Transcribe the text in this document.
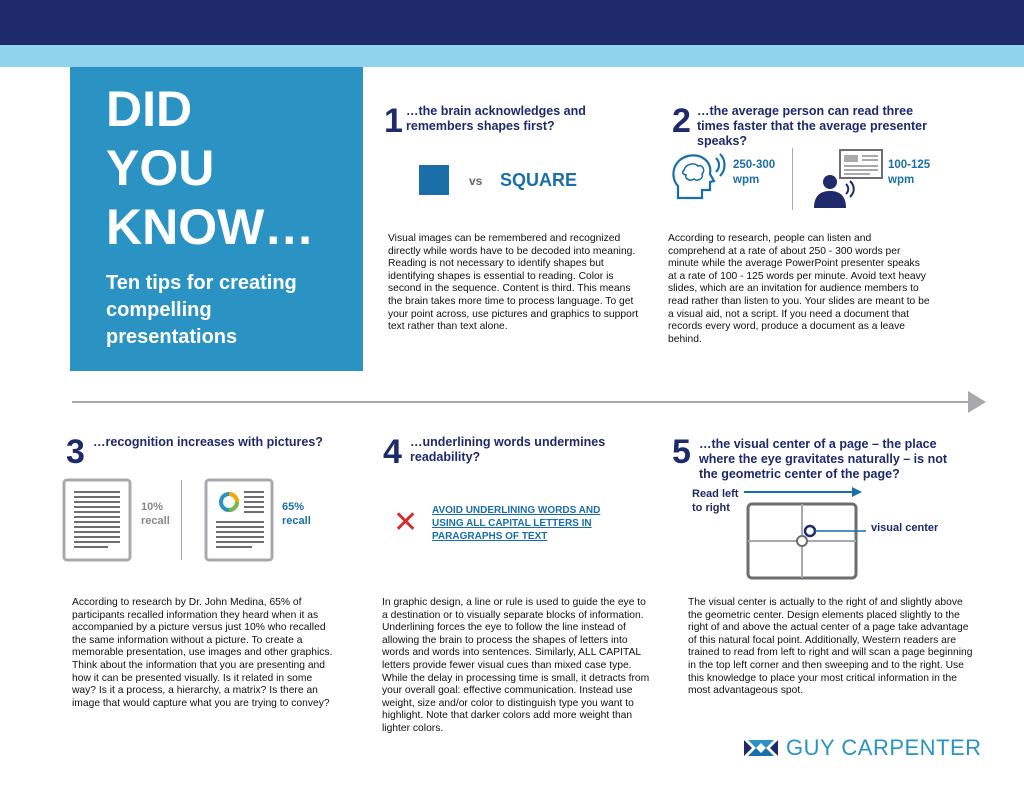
DID
YOU
KNOW…
Ten tips for creating compelling presentations
1 …the brain acknowledges and remembers shapes first?
vs SQUARE
Visual images can be remembered and recognized directly while words have to be decoded into meaning. Reading is not necessary to identify shapes but identifying shapes is essential to reading. Color is second in the sequence. Content is third. This means the brain takes more time to process language. To get your point across, use pictures and graphics to support text rather than text alone.
2 …the average person can read three times faster that the average presenter speaks?
250-300
wpm
100-125
wpm
According to research, people can listen and comprehend at a rate of about 250 - 300 words per minute while the average PowerPoint presenter speaks at a rate of 100 - 125 words per minute. Avoid text heavy slides, which are an invitation for audience members to read rather than listen to you. Your slides are meant to be a visual aid, not a script. If you need a document that records every word, produce a document as a leave behind.
3 …recognition increases with pictures?
10%
recall
65%
recall
According to research by Dr. John Medina, 65% of participants recalled information they heard when it as accompanied by a picture versus just 10% who recalled the same information without a picture. To create a memorable presentation, use images and other graphics. Think about the information that you are presenting and how it can be presented visually. Is it related in some way? Is it a process, a hierarchy, a matrix? Is there an image that would capture what you are trying to convey?
4 …underlining words undermines readability?
✕ AVOID UNDERLINING WORDS AND USING ALL CAPITAL LETTERS IN PARAGRAPHS OF TEXT
In graphic design, a line or rule is used to guide the eye to a destination or to visually separate blocks of information. Underlining forces the eye to follow the line instead of allowing the brain to process the shapes of letters into words and words into sentences. Similarly, ALL CAPITAL letters provide fewer visual cues than mixed case type. While the delay in processing time is small, it detracts from your overall goal: effective communication. Instead use weight, size and/or color to distinguish type you want to highlight. Note that darker colors add more weight than lighter colors.
5 …the visual center of a page – the place where the eye gravitates naturally – is not the geometric center of the page?
Read left
to right
visual center
The visual center is actually to the right of and slightly above the geometric center. Design elements placed slightly to the right of and above the actual center of a page take advantage of this natural focal point. Additionally, Western readers are trained to read from left to right and will scan a page beginning in the top left corner and then sweeping and to the right. Use this knowledge to place your most critical information in the most advantageous spot.
GUY CARPENTER
